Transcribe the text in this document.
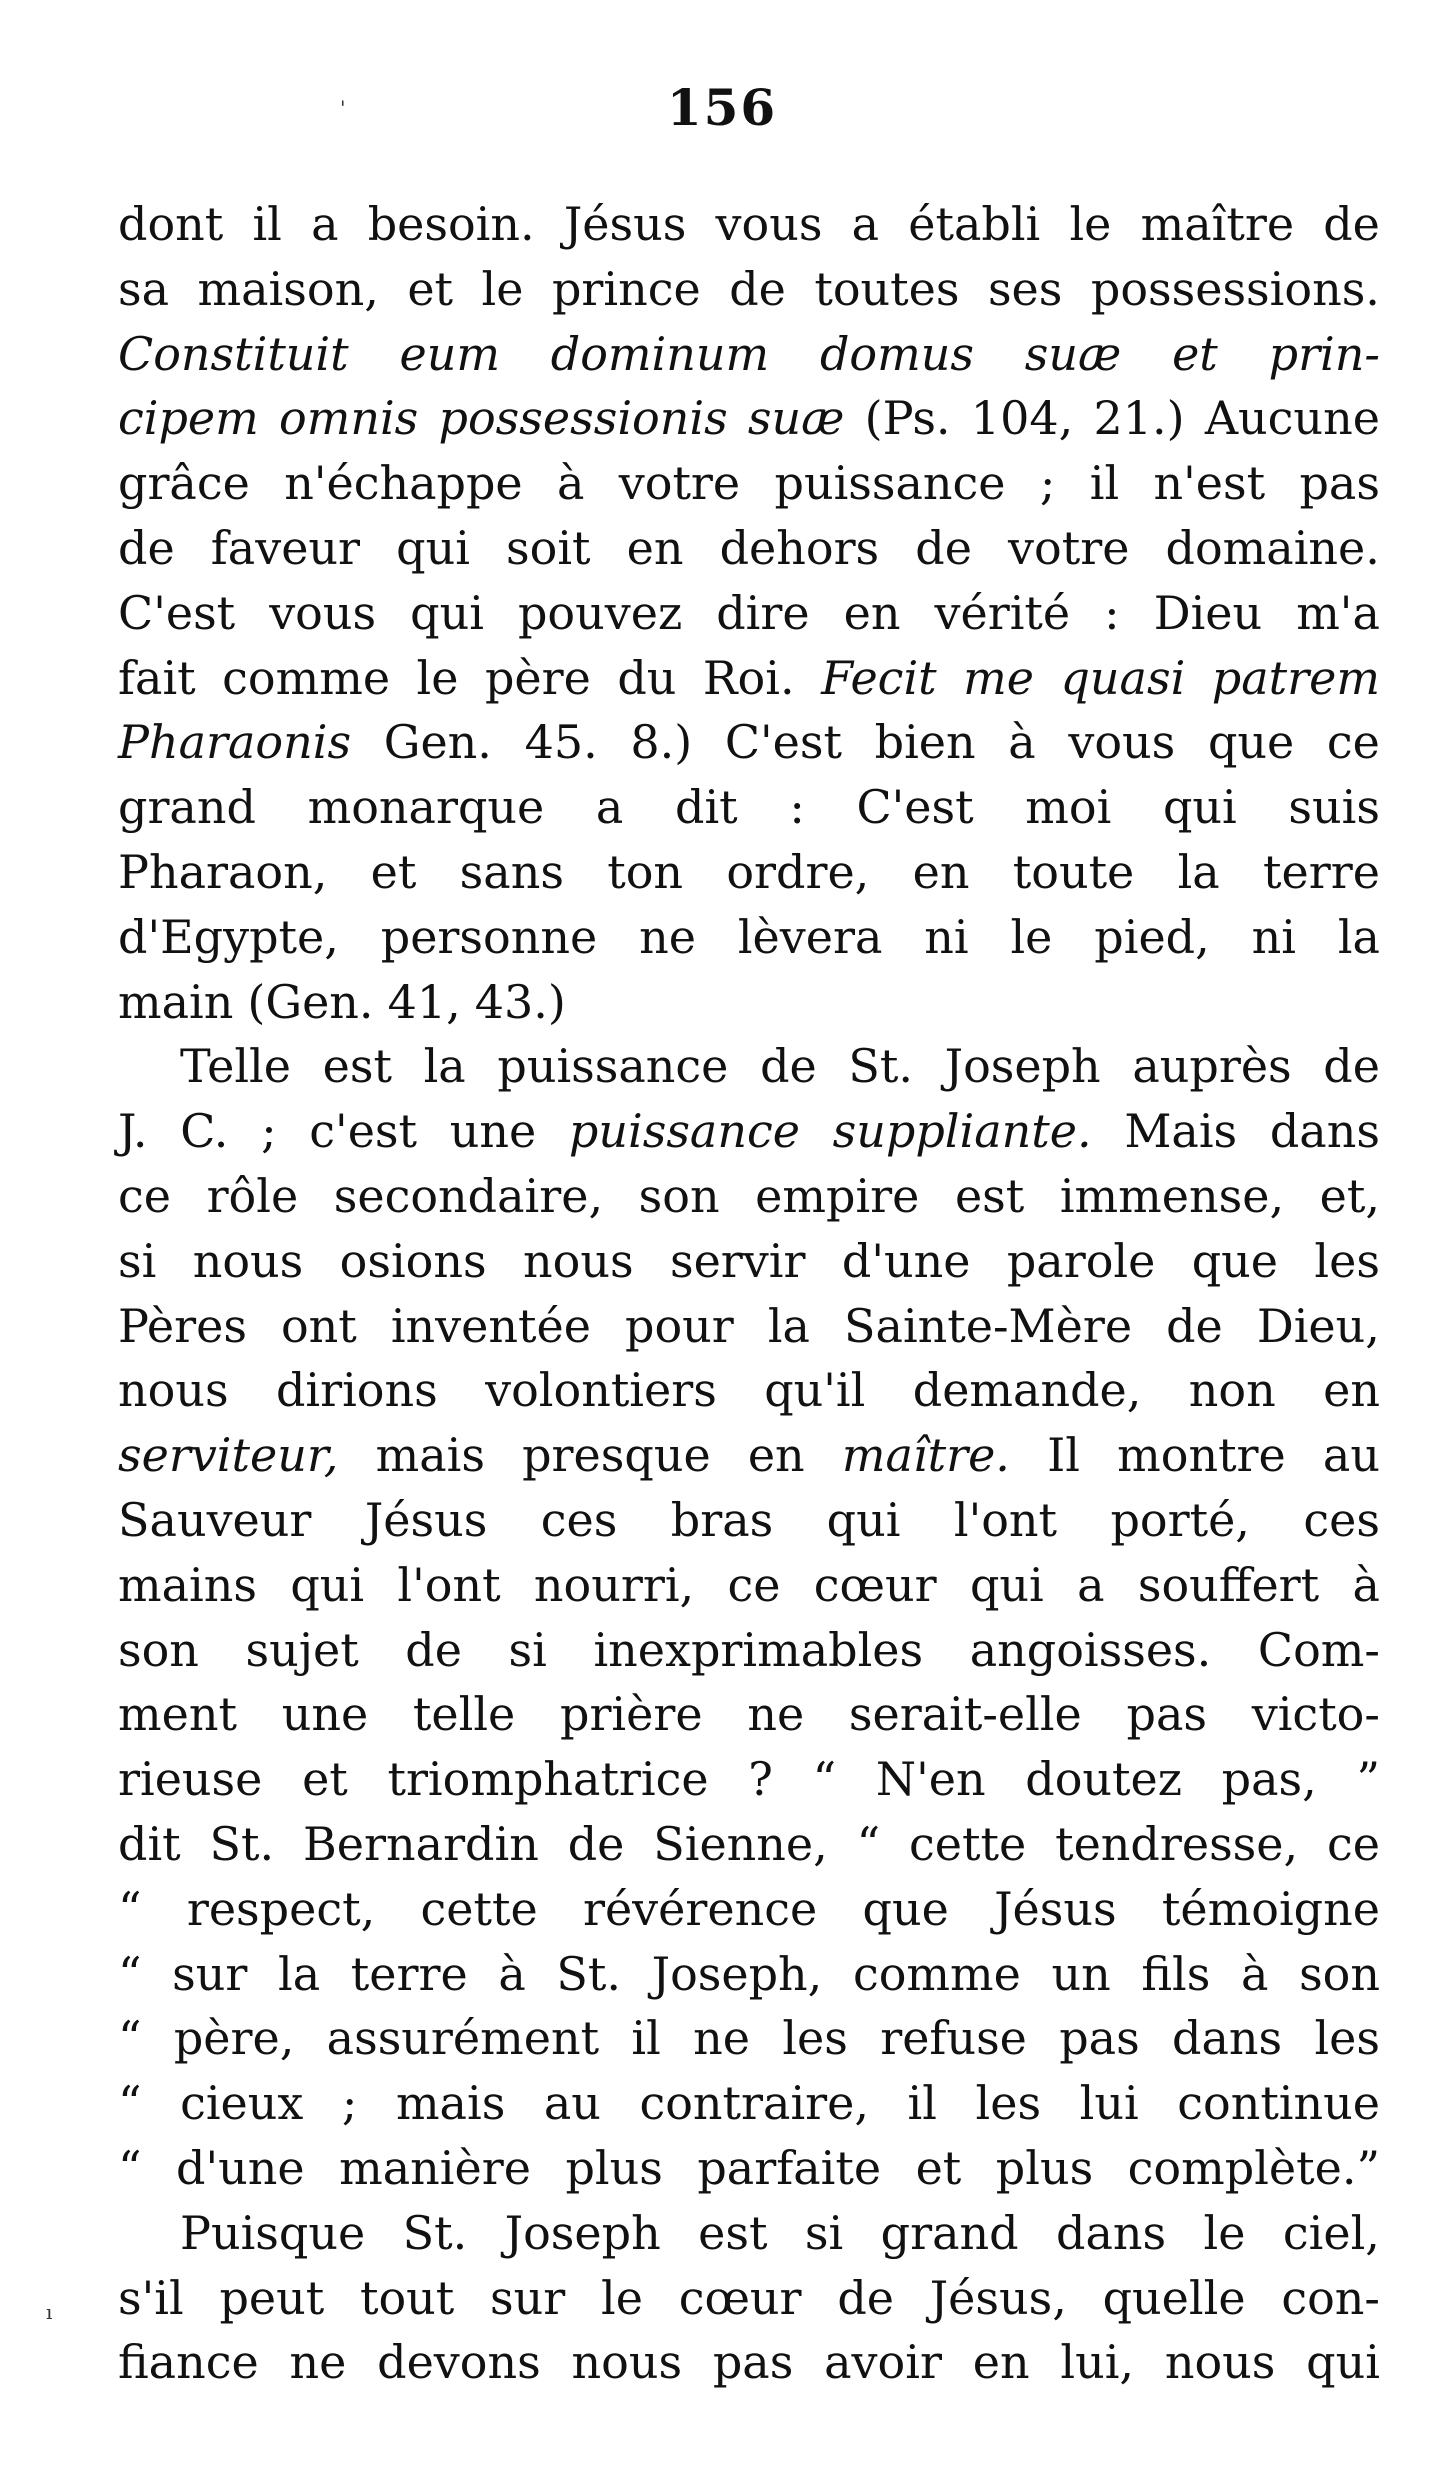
156
dont il a besoin. Jésus vous a établi le maître de
sa maison, et le prince de toutes ses possessions.
Constituit eum dominum domus suæ et prin-
cipem omnis possessionis suæ (Ps. 104, 21.) Aucune
grâce n'échappe à votre puissance ; il n'est pas
de faveur qui soit en dehors de votre domaine.
C'est vous qui pouvez dire en vérité : Dieu m'a
fait comme le père du Roi. Fecit me quasi patrem
Pharaonis Gen. 45. 8.) C'est bien à vous que ce
grand monarque a dit : C'est moi qui suis
Pharaon, et sans ton ordre, en toute la terre
d'Egypte, personne ne lèvera ni le pied, ni la
main (Gen. 41, 43.)
Telle est la puissance de St. Joseph auprès de
J. C. ; c'est une puissance suppliante. Mais dans
ce rôle secondaire, son empire est immense, et,
si nous osions nous servir d'une parole que les
Pères ont inventée pour la Sainte-Mère de Dieu,
nous dirions volontiers qu'il demande, non en
serviteur, mais presque en maître. Il montre au
Sauveur Jésus ces bras qui l'ont porté, ces
mains qui l'ont nourri, ce cœur qui a souffert à
son sujet de si inexprimables angoisses. Com-
ment une telle prière ne serait-elle pas victo-
rieuse et triomphatrice ? “ N'en doutez pas, ”
dit St. Bernardin de Sienne, “ cette tendresse, ce
“ respect, cette révérence que Jésus témoigne
“ sur la terre à St. Joseph, comme un fils à son
“ père, assurément il ne les refuse pas dans les
“ cieux ; mais au contraire, il les lui continue
“ d'une manière plus parfaite et plus complète.”
Puisque St. Joseph est si grand dans le ciel,
s'il peut tout sur le cœur de Jésus, quelle con-
fiance ne devons nous pas avoir en lui, nous qui
'
ı
